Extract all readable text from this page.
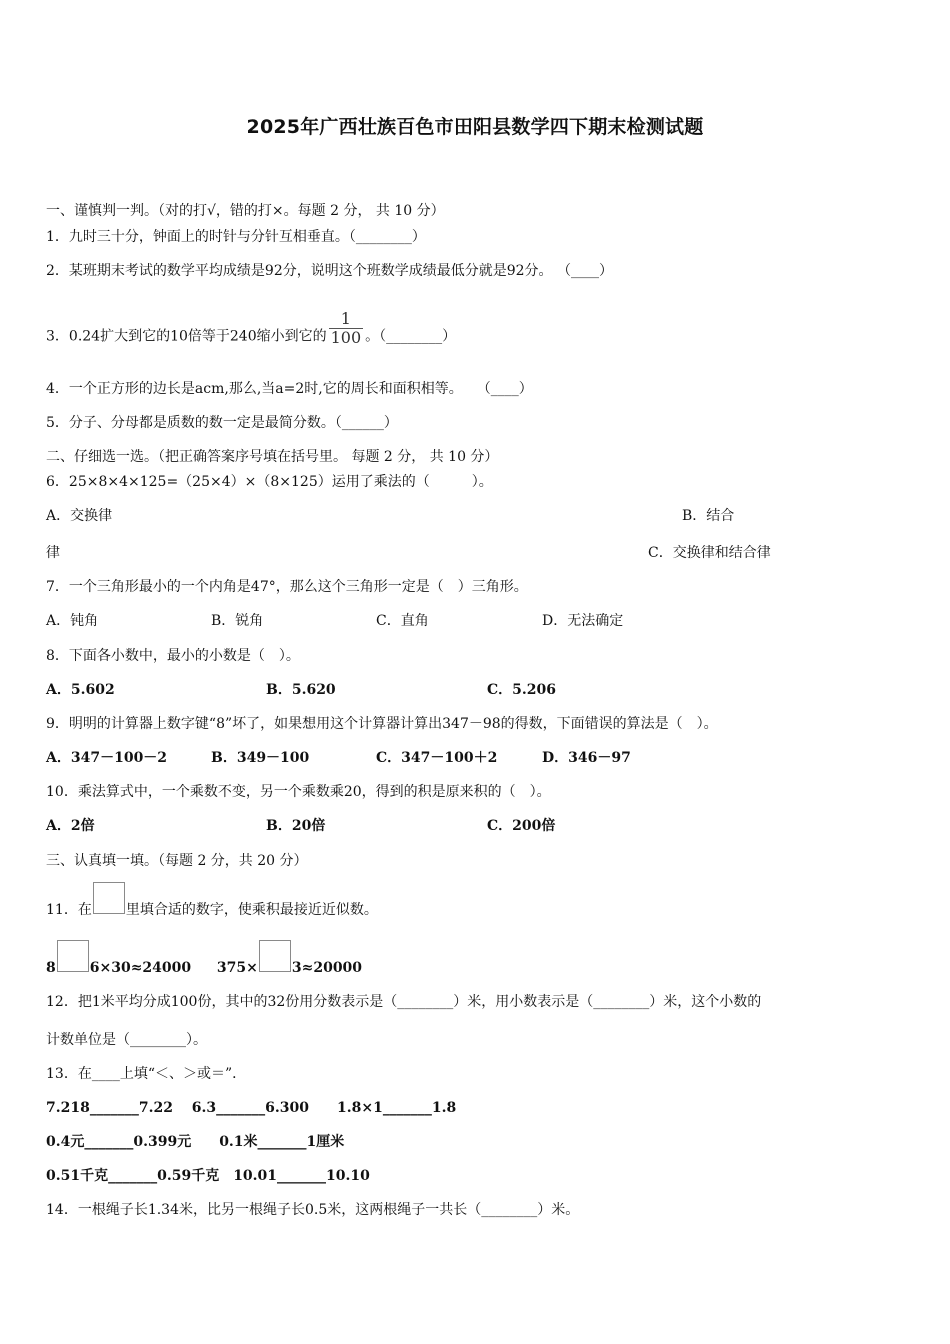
2025年广西壮族百色市田阳县数学四下期末检测试题
一、谨慎判一判。（对的打√，错的打×。每题 2 分， 共 10 分）
1．九时三十分，钟面上的时针与分针互相垂直。（________）
2．某班期末考试的数学平均成绩是92分，说明这个班数学成绩最低分就是92分。 （____）
3．0.24扩大到它的10倍等于240缩小到它的 $\frac{1}{100}$ 。（________）
4．一个正方形的边长是acm,那么,当a=2时,它的周长和面积相等。　　（____）
5．分子、分母都是质数的数一定是最简分数。（______）
二、仔细选一选。（把正确答案序号填在括号里。 每题 2 分， 共 10 分）
6．25×8×4×125=（25×4）×（8×125）运用了乘法的（　　　）。
A．交换律	B．结合
律	C．交换律和结合律
7．一个三角形最小的一个内角是47°，那么这个三角形一定是（　）三角形。
A．钝角	B．锐角	C．直角	D．无法确定
8．下面各小数中，最小的小数是（　）。
A．5.602	B．5.620	C．5.206
9．明明的计算器上数字键“8”坏了，如果想用这个计算器计算出347－98的得数，下面错误的算法是（　）。
A．347－100－2	B．349－100	C．347－100＋2	D．346－97
10．乘法算式中，一个乘数不变，另一个乘数乘20，得到的积是原来积的（　）。
A．2倍	B．20倍	C．200倍
三、认真填一填。（每题 2 分，共 20 分）
11．在 里填合适的数字，使乘积最接近近似数。
8 6×30≈24000 375× 3≈20000
12．把1米平均分成100份，其中的32份用分数表示是（________）米，用小数表示是（________）米，这个小数的
计数单位是（________）。
13．在____上填“＜、＞或＝”．
7.218_______7.22　 6.3_______6.300　　1.8×1_______1.8
0.4元_______0.399元　　0.1米_______1厘米
0.51千克_______0.59千克　10.01_______10.10
14．一根绳子长1.34米，比另一根绳子长0.5米，这两根绳子一共长（________）米。
